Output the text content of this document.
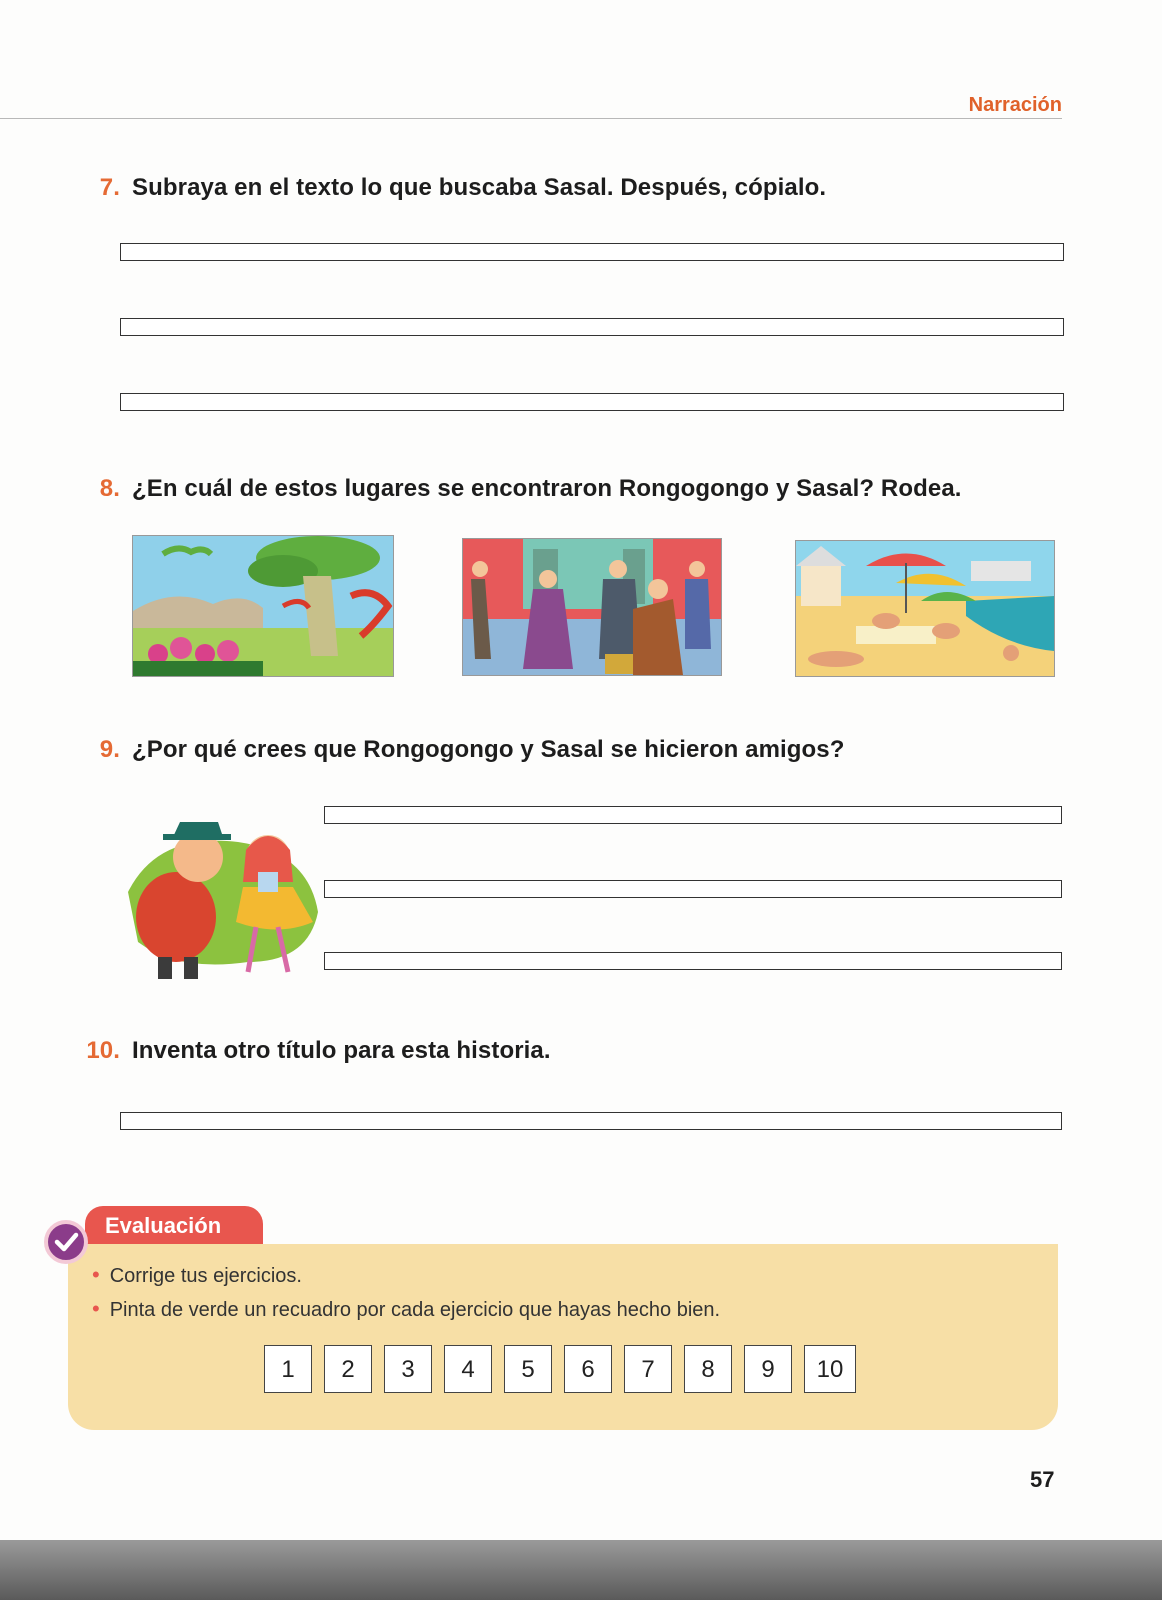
Narración
7. Subraya en el texto lo que buscaba Sasal. Después, cópialo.
8. ¿En cuál de estos lugares se encontraron Rongogongo y Sasal? Rodea.
9. ¿Por qué crees que Rongogongo y Sasal se hicieron amigos?
10. Inventa otro título para esta historia.
Evaluación
• Corrige tus ejercicios.
• Pinta de verde un recuadro por cada ejercicio que hayas hecho bien.
1	2	3	4	5	6	7	8	9	10
57
